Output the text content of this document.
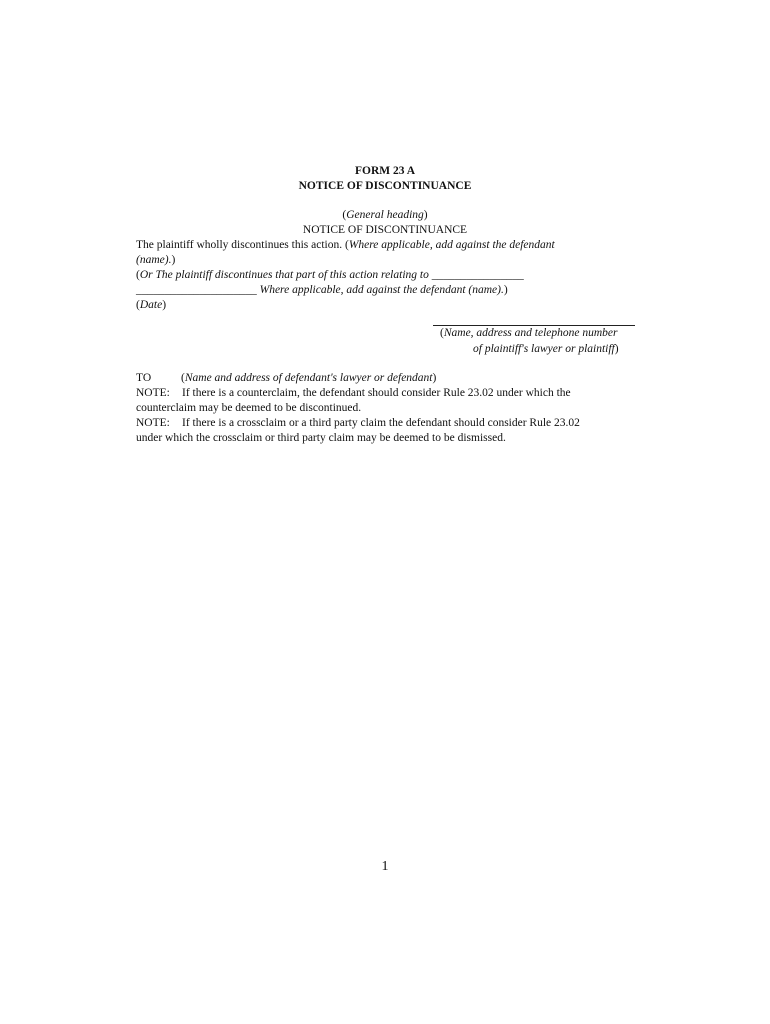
FORM 23 A
NOTICE OF DISCONTINUANCE
(General heading)
NOTICE OF DISCONTINUANCE
The plaintiff wholly discontinues this action. (Where applicable, add against the defendant
(name).)
(Or The plaintiff discontinues that part of this action relating to ________________
_____________________ Where applicable, add against the defendant (name).)
(Date)
(Name, address and telephone number
of plaintiff's lawyer or plaintiff)
TO	(Name and address of defendant's lawyer or defendant)
NOTE: If there is a counterclaim, the defendant should consider Rule 23.02 under which the
counterclaim may be deemed to be discontinued.
NOTE: If there is a crossclaim or a third party claim the defendant should consider Rule 23.02
under which the crossclaim or third party claim may be deemed to be dismissed.
1
